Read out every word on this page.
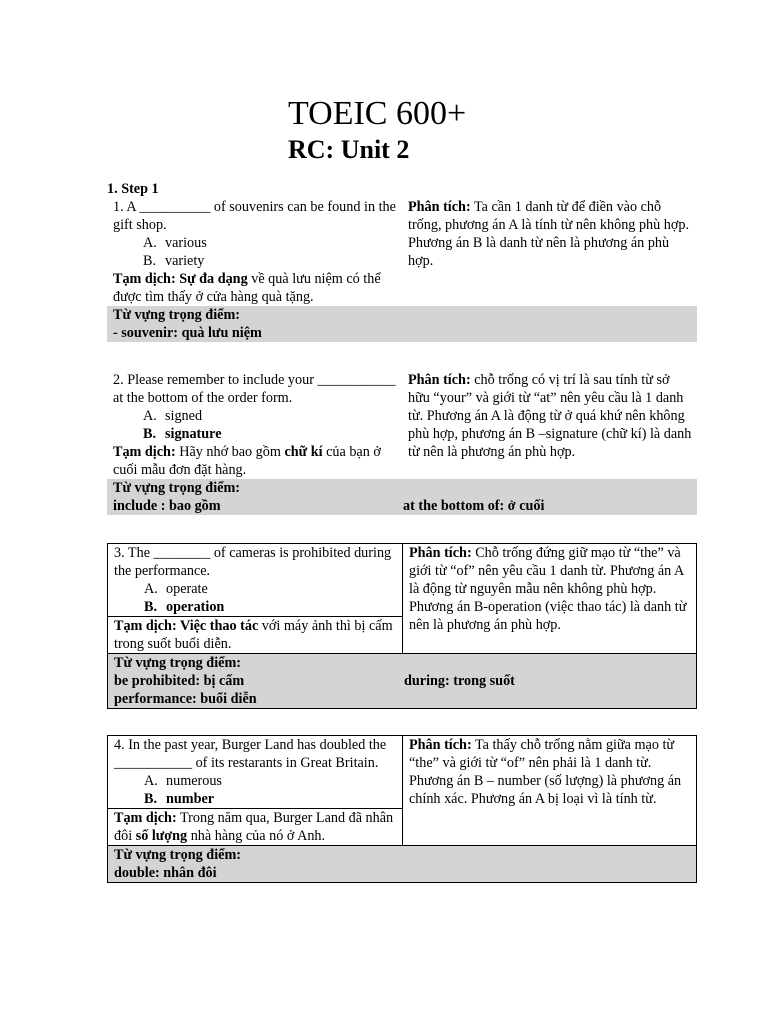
TOEIC 600+
RC: Unit 2
1. Step 1
1. A __________ of souvenirs can be found in the gift shop.
A. various
B. variety
Tạm dịch: Sự đa dạng về quà lưu niệm có thể được tìm thấy ở cửa hàng quà tặng.
Phân tích: Ta cần 1 danh từ để điền vào chỗ trống, phương án A là tính từ nên không phù hợp. Phương án B là danh từ nên là phương án phù hợp.
Từ vựng trọng điểm:
- souvenir: quà lưu niệm
2. Please remember to include your ___________ at the bottom of the order form.
A. signed
B. signature
Tạm dịch: Hãy nhớ bao gồm chữ kí của bạn ở cuối mẫu đơn đặt hàng.
Phân tích: chỗ trống có vị trí là sau tính từ sở hữu “your” và giới từ “at” nên yêu cầu là 1 danh từ. Phương án A là động từ ở quá khứ nên không phù hợp, phương án B –signature (chữ kí) là danh từ nên là phương án phù hợp.
Từ vựng trọng điểm:
include : bao gồm	at the bottom of: ở cuối
3. The ________ of cameras is prohibited during the performance.
A. operate
B. operation
Tạm dịch: Việc thao tác với máy ảnh thì bị cấm trong suốt buổi diễn.
Phân tích: Chỗ trống đứng giữ mạo từ “the” và giới từ “of” nên yêu cầu 1 danh từ. Phương án A là động từ nguyên mẫu nên không phù hợp. Phương án B-operation (việc thao tác) là danh từ nên là phương án phù hợp.
Từ vựng trọng điểm:
be prohibited: bị cấm	during: trong suốt
performance: buổi diễn
4. In the past year, Burger Land has doubled the ___________ of its restarants in Great Britain.
A. numerous
B. number
Tạm dịch: Trong năm qua, Burger Land đã nhân đôi số lượng nhà hàng của nó ở Anh.
Phân tích: Ta thấy chỗ trống nằm giữa mạo từ “the” và giới từ “of” nên phải là 1 danh từ. Phương án B – number (số lượng) là phương án chính xác. Phương án A bị loại vì là tính từ.
Từ vựng trọng điểm:
double: nhân đôi
